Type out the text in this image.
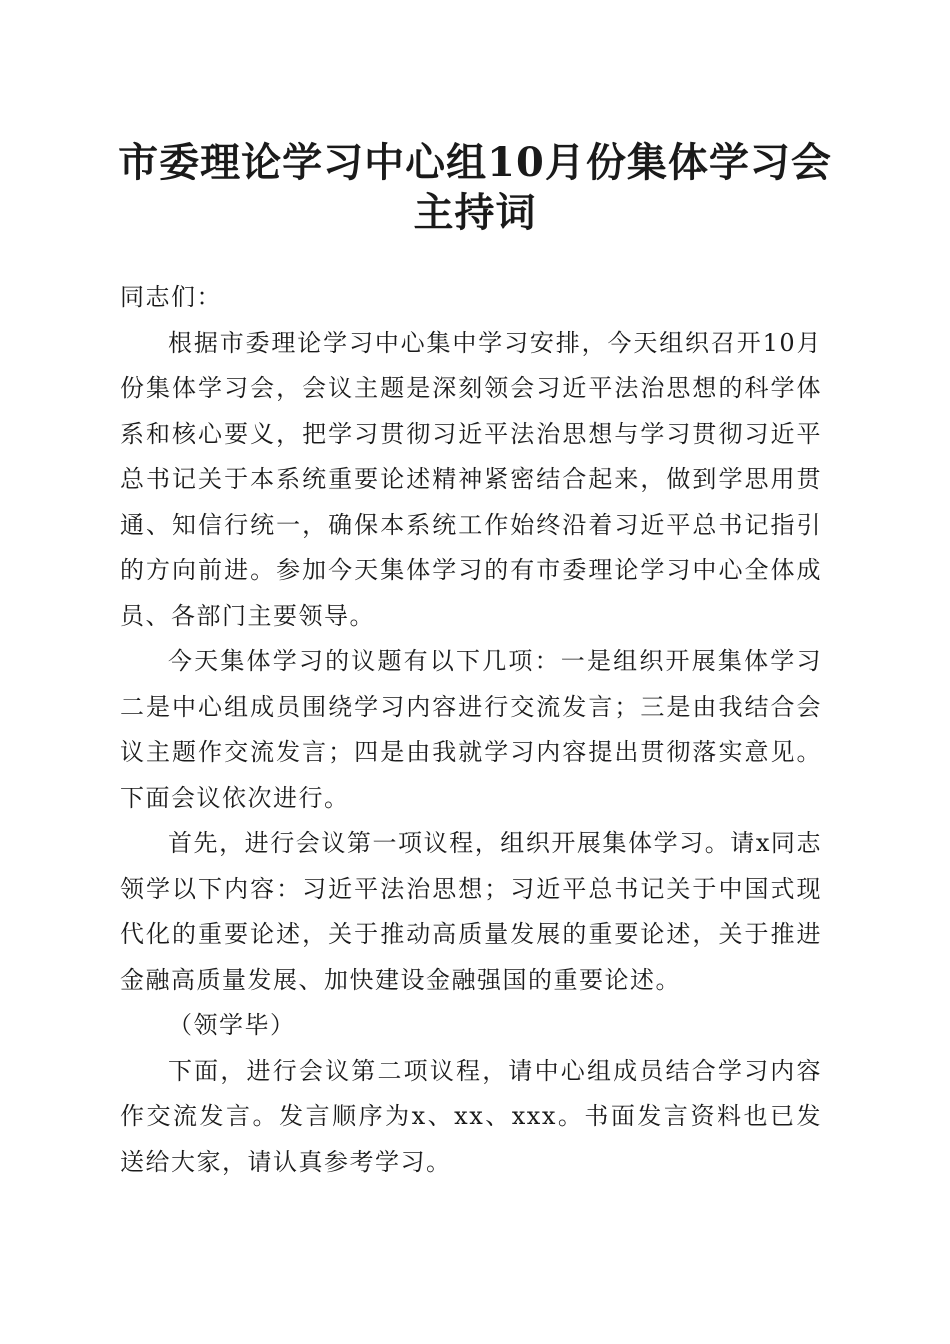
市委理论学习中心组10月份集体学习会主持词

同志们：

根据市委理论学习中心集中学习安排，今天组织召开10月份集体学习会，会议主题是深刻领会习近平法治思想的科学体系和核心要义，把学习贯彻习近平法治思想与学习贯彻习近平总书记关于本系统重要论述精神紧密结合起来，做到学思用贯通、知信行统一，确保本系统工作始终沿着习近平总书记指引的方向前进。参加今天集体学习的有市委理论学习中心全体成员、各部门主要领导。

今天集体学习的议题有以下几项：一是组织开展集体学习二是中心组成员围绕学习内容进行交流发言；三是由我结合会议主题作交流发言；四是由我就学习内容提出贯彻落实意见。下面会议依次进行。

首先，进行会议第一项议程，组织开展集体学习。请x同志领学以下内容：习近平法治思想；习近平总书记关于中国式现代化的重要论述，关于推动高质量发展的重要论述，关于推进金融高质量发展、加快建设金融强国的重要论述。

（领学毕）

下面，进行会议第二项议程，请中心组成员结合学习内容作交流发言。发言顺序为x、xx、xxx。书面发言资料也已发送给大家，请认真参考学习。
